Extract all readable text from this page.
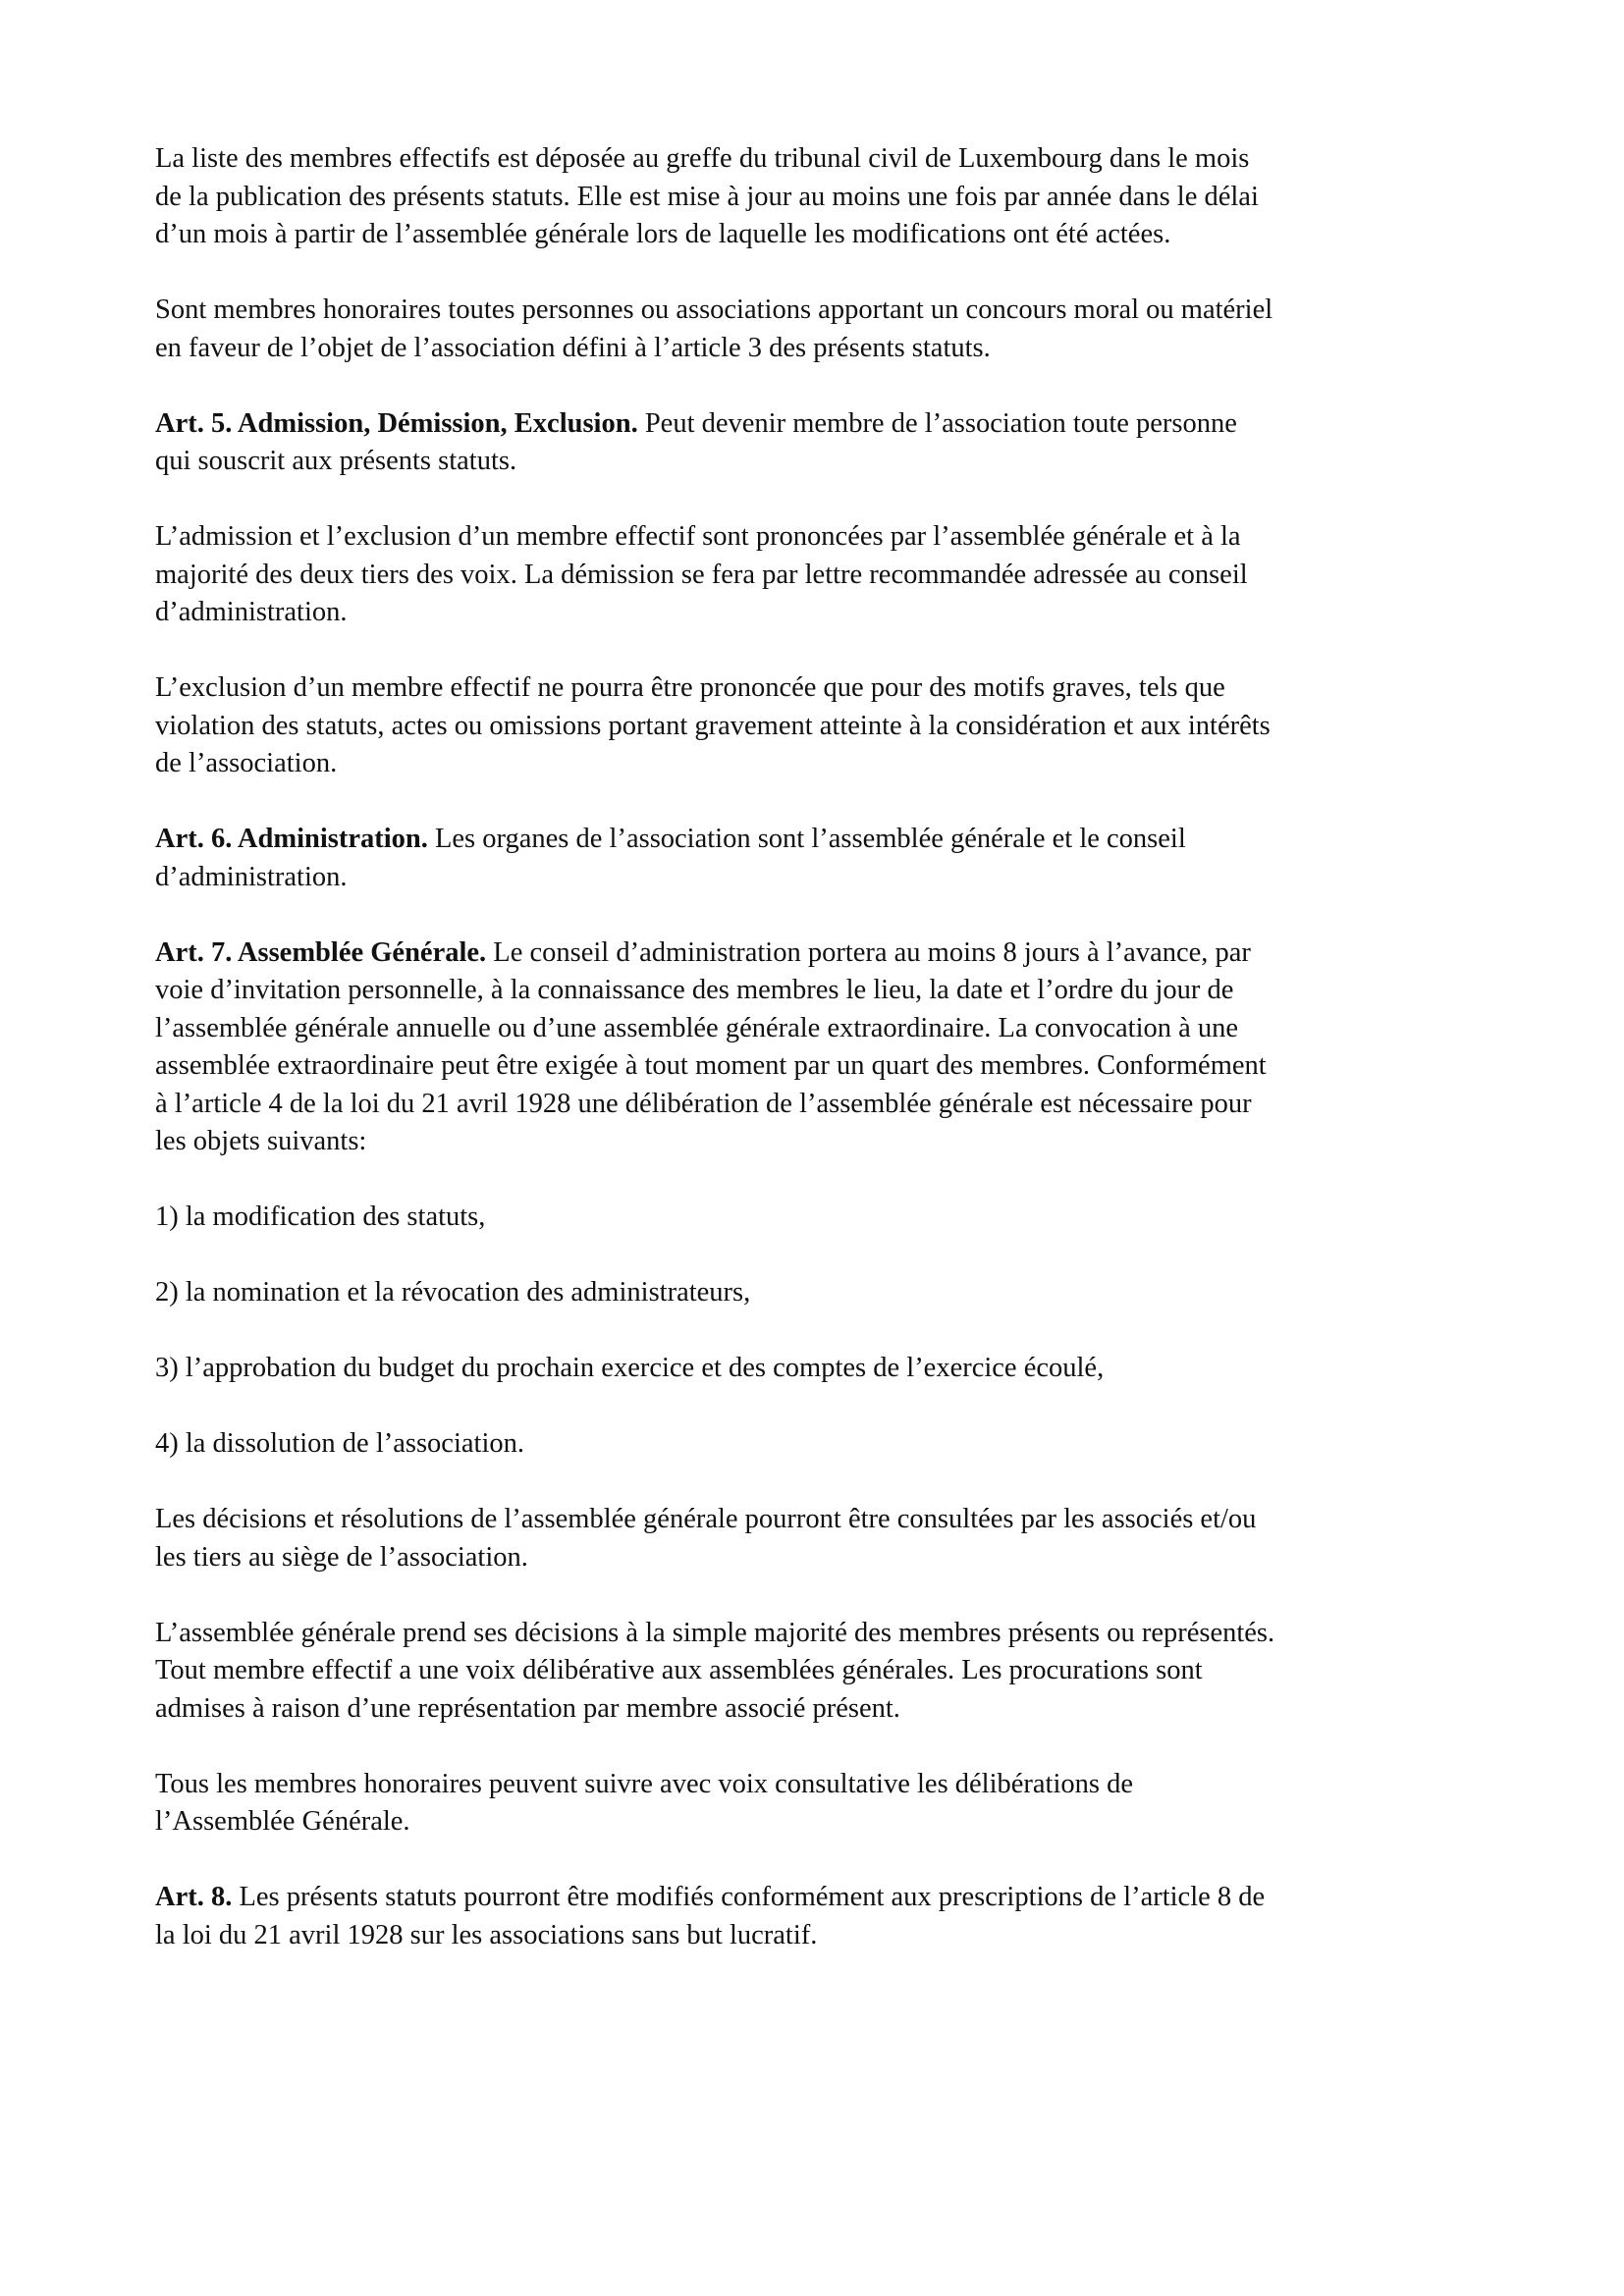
La liste des membres effectifs est déposée au greffe du tribunal civil de Luxembourg dans le mois
de la publication des présents statuts. Elle est mise à jour au moins une fois par année dans le délai
d’un mois à partir de l’assemblée générale lors de laquelle les modifications ont été actées.

Sont membres honoraires toutes personnes ou associations apportant un concours moral ou matériel
en faveur de l’objet de l’association défini à l’article 3 des présents statuts.

Art. 5. Admission, Démission, Exclusion. Peut devenir membre de l’association toute personne
qui souscrit aux présents statuts.

L’admission et l’exclusion d’un membre effectif sont prononcées par l’assemblée générale et à la
majorité des deux tiers des voix. La démission se fera par lettre recommandée adressée au conseil
d’administration.

L’exclusion d’un membre effectif ne pourra être prononcée que pour des motifs graves, tels que
violation des statuts, actes ou omissions portant gravement atteinte à la considération et aux intérêts
de l’association.

Art. 6. Administration. Les organes de l’association sont l’assemblée générale et le conseil
d’administration.

Art. 7. Assemblée Générale. Le conseil d’administration portera au moins 8 jours à l’avance, par
voie d’invitation personnelle, à la connaissance des membres le lieu, la date et l’ordre du jour de
l’assemblée générale annuelle ou d’une assemblée générale extraordinaire. La convocation à une
assemblée extraordinaire peut être exigée à tout moment par un quart des membres. Conformément
à l’article 4 de la loi du 21 avril 1928 une délibération de l’assemblée générale est nécessaire pour
les objets suivants:

1) la modification des statuts,

2) la nomination et la révocation des administrateurs,

3) l’approbation du budget du prochain exercice et des comptes de l’exercice écoulé,

4) la dissolution de l’association.

Les décisions et résolutions de l’assemblée générale pourront être consultées par les associés et/ou
les tiers au siège de l’association.

L’assemblée générale prend ses décisions à la simple majorité des membres présents ou représentés.
Tout membre effectif a une voix délibérative aux assemblées générales. Les procurations sont
admises à raison d’une représentation par membre associé présent.

Tous les membres honoraires peuvent suivre avec voix consultative les délibérations de
l’Assemblée Générale.

Art. 8. Les présents statuts pourront être modifiés conformément aux prescriptions de l’article 8 de
la loi du 21 avril 1928 sur les associations sans but lucratif.
